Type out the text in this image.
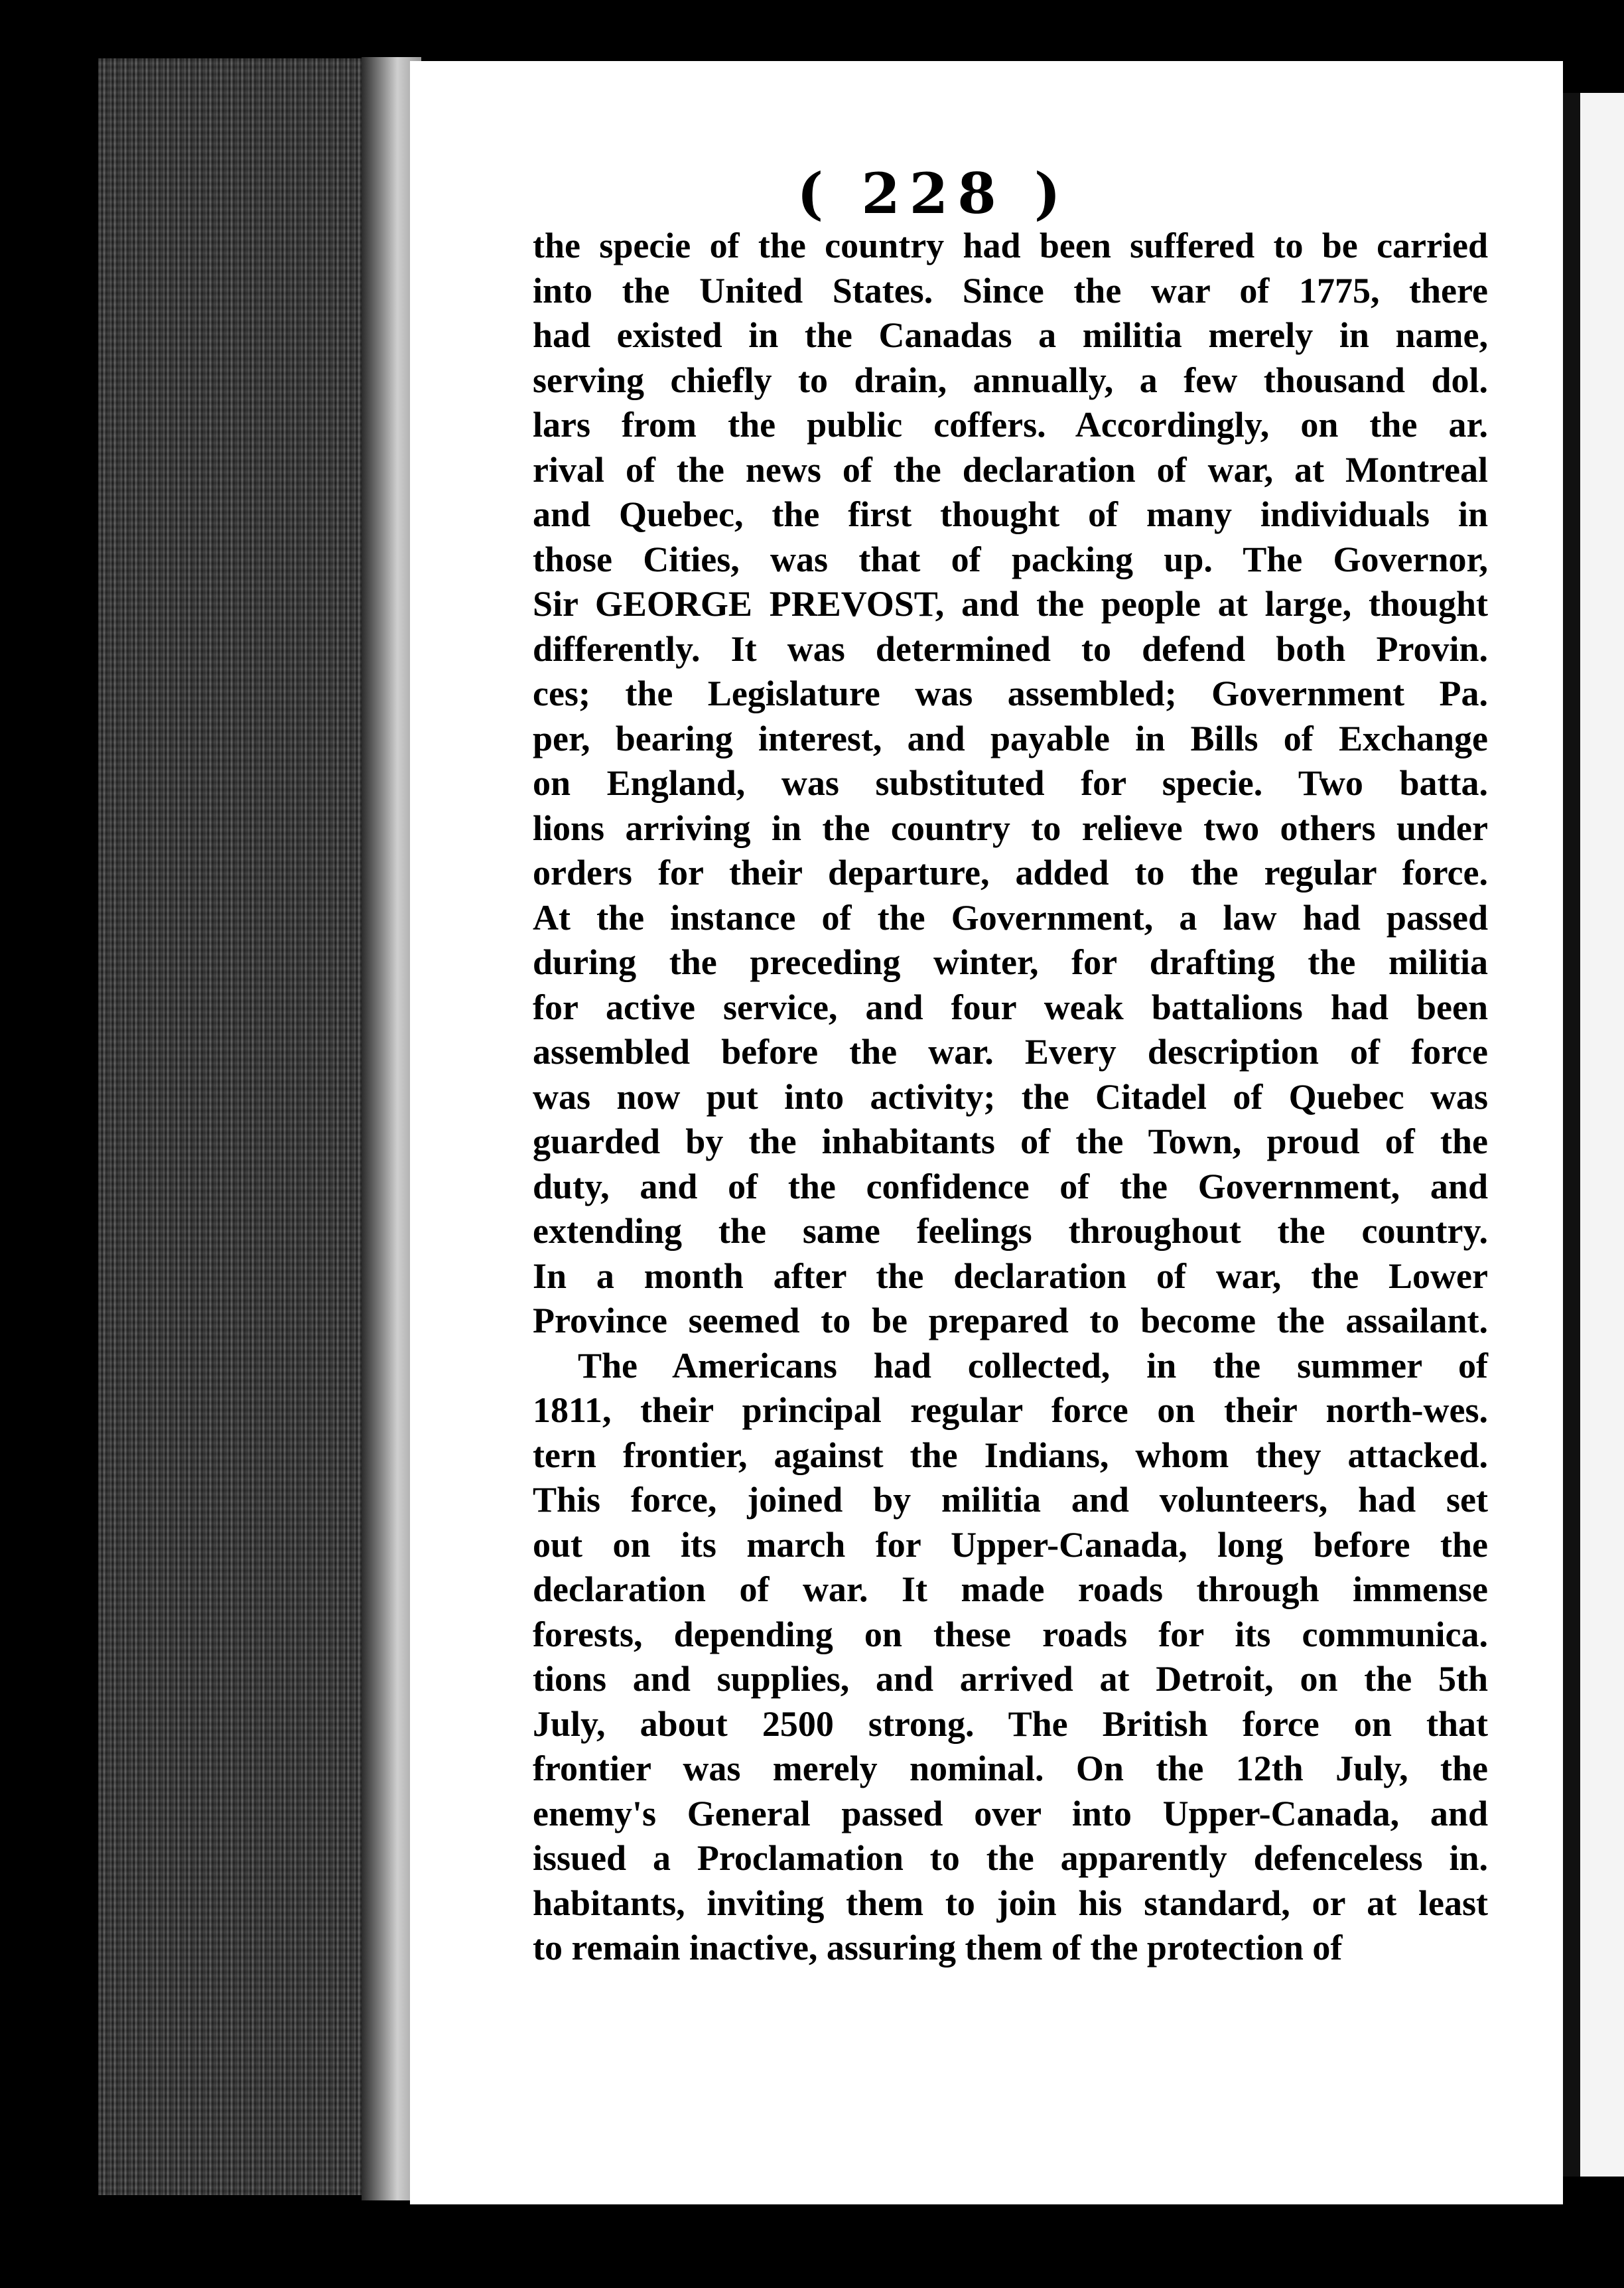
( 228 )
the specie of the country had been suffered to be carried
into the United States. Since the war of 1775, there
had existed in the Canadas a militia merely in name,
serving chiefly to drain, annually, a few thousand dol.
lars from the public coffers. Accordingly, on the ar.
rival of the news of the declaration of war, at Montreal
and Quebec, the first thought of many individuals in
those Cities, was that of packing up. The Governor,
Sir GEORGE PREVOST, and the people at large, thought
differently. It was determined to defend both Provin.
ces; the Legislature was assembled; Government Pa.
per, bearing interest, and payable in Bills of Exchange
on England, was substituted for specie. Two batta.
lions arriving in the country to relieve two others under
orders for their departure, added to the regular force.
At the instance of the Government, a law had passed
during the preceding winter, for drafting the militia
for active service, and four weak battalions had been
assembled before the war. Every description of force
was now put into activity; the Citadel of Quebec was
guarded by the inhabitants of the Town, proud of the
duty, and of the confidence of the Government, and
extending the same feelings throughout the country.
In a month after the declaration of war, the Lower
Province seemed to be prepared to become the assailant.
The Americans had collected, in the summer of
1811, their principal regular force on their north-wes.
tern frontier, against the Indians, whom they attacked.
This force, joined by militia and volunteers, had set
out on its march for Upper-Canada, long before the
declaration of war. It made roads through immense
forests, depending on these roads for its communica.
tions and supplies, and arrived at Detroit, on the 5th
July, about 2500 strong. The British force on that
frontier was merely nominal. On the 12th July, the
enemy's General passed over into Upper-Canada, and
issued a Proclamation to the apparently defenceless in.
habitants, inviting them to join his standard, or at least
to remain inactive, assuring them of the protection of
